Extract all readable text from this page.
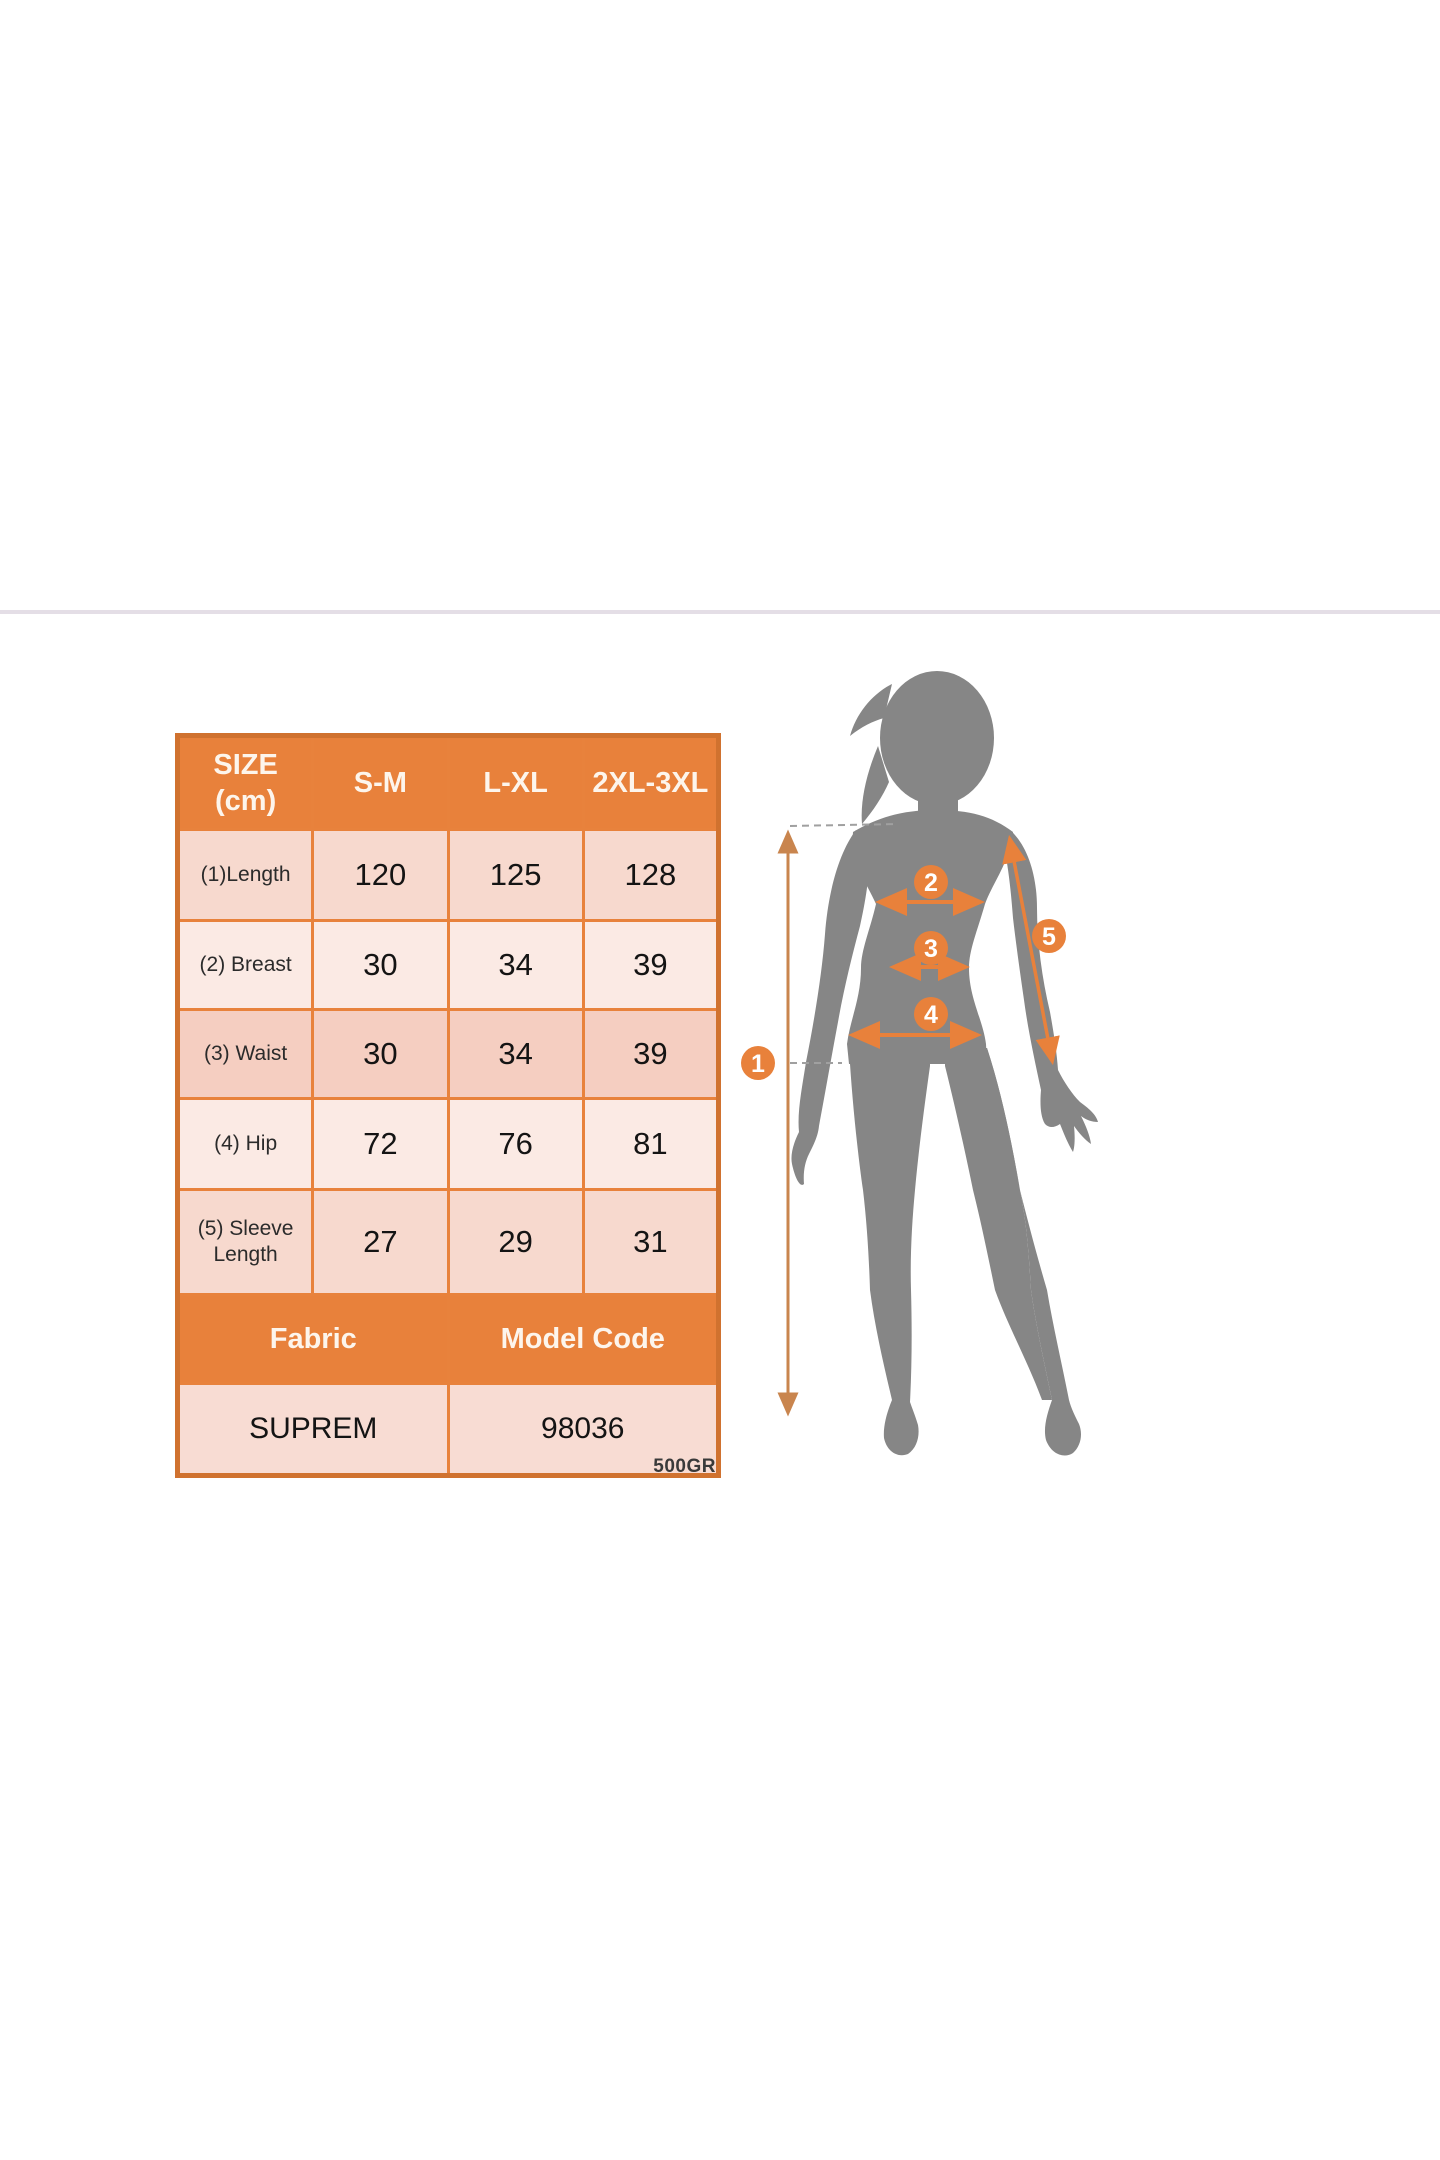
SIZE
(cm)	S-M	L-XL	2XL-3XL
(1)Length	120	125	128
(2) Breast	30	34	39
(3) Waist	30	34	39
(4) Hip	72	76	81
(5) Sleeve Length	27	29	31
Fabric		Model Code	
SUPREM		98036	
500GR
1
2
3
4
5
